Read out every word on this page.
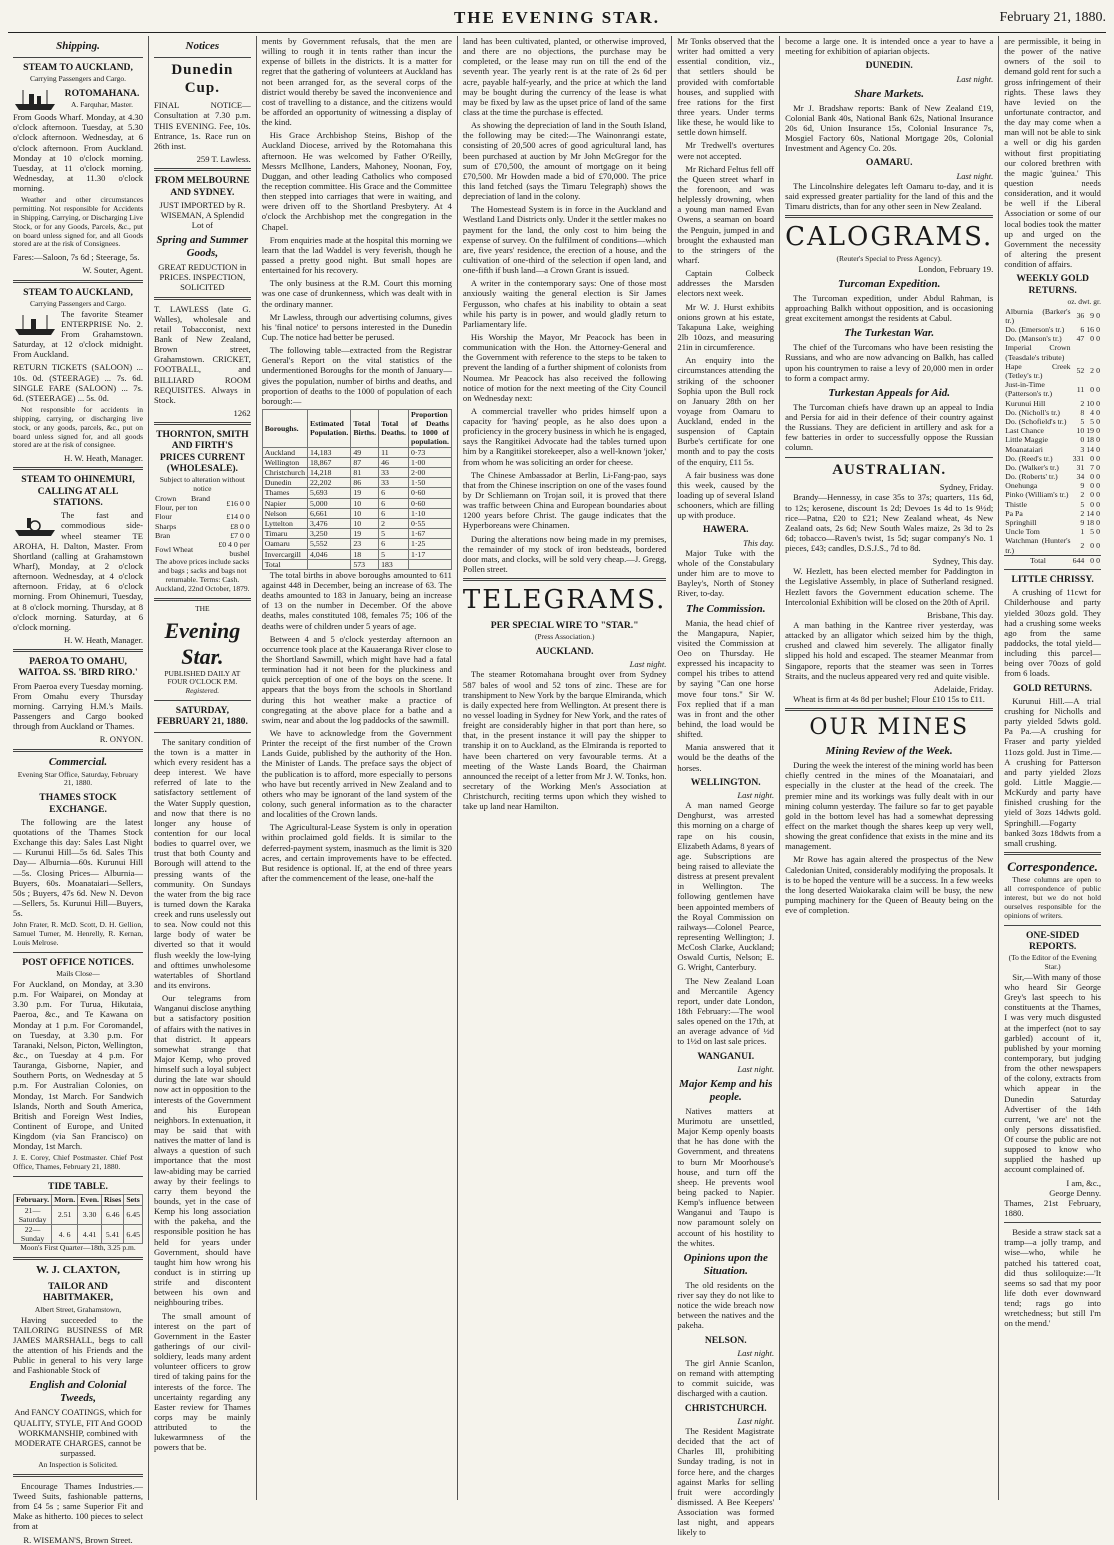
THE EVENING STAR.	February 21, 1880.
Shipping.
STEAM TO AUCKLAND,
Carrying Passengers and Cargo.
ROTOMAHANA.
A. Farquhar, Master.

From Goods Wharf. Monday, at 4.30 o'clock afternoon. Tuesday, at 5.30 o'clock afternoon. Wednesday, at 6 o'clock afternoon. From Auckland. Monday at 10 o'clock morning. Tuesday, at 11 o'clock morning. Wednesday, at 11.30 o'clock morning.

Weather and other circumstances permitting. Not responsible for Accidents in Shipping, Carrying, or Discharging Live Stock, or for any Goods, Parcels, &c., put on board unless signed for, and all Goods stored are at the risk of Consignees.

Fares:—Saloon, 7s 6d ; Steerage, 5s.

W. Souter, Agent.
STEAM TO AUCKLAND,
Carrying Passengers and Cargo.

The favorite Steamer ENTERPRISE No. 2. From Grahamstown. Saturday, at 12 o'clock midnight. From Auckland.

RETURN TICKETS (SALOON) ... 10s. 0d. (STEERAGE) ... 7s. 6d. SINGLE FARE (SALOON) ... 7s. 6d. (STEERAGE) ... 5s. 0d.

Not responsible for accidents in shipping, carrying, or discharging live stock, or any goods, parcels, &c., put on board unless signed for, and all goods stored are at the risk of consignee.

H. W. Heath, Manager.
STEAM TO OHINEMURI, CALLING AT ALL STATIONS.

The fast and commodious side-wheel steamer TE AROHA, H. Dalton, Master. From Shortland (calling at Grahamstown Wharf), Monday, at 2 o'clock afternoon. Wednesday, at 4 o'clock afternoon. Friday, at 6 o'clock morning. From Ohinemuri, Tuesday, at 8 o'clock morning. Thursday, at 8 o'clock morning. Saturday, at 6 o'clock morning.

H. W. Heath, Manager.
PAEROA TO OMAHU, WAITOA. SS. 'BIRD RIRO.'

From Paeroa every Tuesday morning. From Omahu every Thursday morning. Carrying H.M.'s Mails. Passengers and Cargo booked through from Auckland or Thames.

R. ONYON.
Commercial.
Evening Star Office, Saturday, February 21, 1880.
THAMES STOCK EXCHANGE.

The following are the latest quotations of the Thames Stock Exchange this day: Sales Last Night— Kurunui Hill—5s 6d. Sales This Day— Alburnia—60s. Kurunui Hill—5s. Closing Prices— Alburnia—Buyers, 60s. Moanataiari—Sellers, 50s ; Buyers, 47s 6d. New N. Devon—Sellers, 5s. Kurunui Hill—Buyers, 5s.

John Frater, R. McD. Scott, D. H. Gellion, Samuel Turner, M. Henrelly, R. Kernan, Louis Melrose.

POST OFFICE NOTICES.
Mails Close—

For Auckland, on Monday, at 3.30 p.m. For Waiparei, on Monday at 3.30 p.m. For Turua, Hikutaia, Paeroa, &c., and Te Kawana on Monday at 1 p.m. For Coromandel, on Tuesday, at 3.30 p.m. For Taranaki, Nelson, Picton, Wellington, &c., on Tuesday at 4 p.m. For Tauranga, Gisborne, Napier, and Southern Ports, on Wednesday at 5 p.m. For Australian Colonies, on Monday, 1st March. For Sandwich Islands, North and South America, British and Foreign West Indies, Continent of Europe, and United Kingdom (via San Francisco) on Monday, 1st March.

J. E. Corey, Chief Postmaster. Chief Post Office, Thames, February 21, 1880.

TIDE TABLE.
February.	Morn.	Even.	Rises	Sets
21—Saturday	2.51	3.30	6.46	6.45
22—Sunday	4. 6	4.41	5.41	6.45
Moon's First Quarter—18th, 3.25 p.m.
W. J. CLAXTON,
TAILOR AND HABITMAKER,
Albert Street, Grahamstown,

Having succeeded to the TAILORING BUSINESS of MR JAMES MARSHALL, begs to call the attention of his Friends and the Public in general to his very large and Fashionable Stock of

English and Colonial Tweeds,

And FANCY COATINGS, which for QUALITY, STYLE, FIT And GOOD WORKMANSHIP, combined with MODERATE CHARGES, cannot be surpassed.

An Inspection is Solicited.

Encourage Thames Industries.—Tweed Suits, fashionable patterns, from £4 5s ; same Superior Fit and Make as hitherto. 100 pieces to select from at

R. WISEMAN'S, Brown Street.
Notices
Dunedin Cup.

FINAL NOTICE—Consultation at 7.30 p.m. THIS EVENING. Fee, 10s. Entrance, 1s. Race run on 26th inst.

259 T. Lawless.
FROM MELBOURNE AND SYDNEY.

JUST IMPORTED by R. WISEMAN, A Splendid Lot of

Spring and Summer Goods,

GREAT REDUCTION in PRICES. INSPECTION, SOLICITED

T. LAWLESS (late G. Walles), wholesale and retail Tobacconist, next Bank of New Zealand, Brown street, Grahamstown. CRICKET, FOOTBALL, and BILLIARD ROOM REQUISITES. Always in Stock.

1262
THORNTON, SMITH AND FIRTH'S PRICES CURRENT (WHOLESALE).
Subject to alteration without notice
Crown Brand Flour, per ton	£16 0 0
Flour	£14 0 0
Sharps	£8 0 0
Bran	£7 0 0
Fowl Wheat	£0 4 0 per bushel

The above prices include sacks and bags ; sacks and bags not returnable. Terms: Cash. Auckland, 22nd October, 1879.

THE
Evening Star.
PUBLISHED DAILY AT FOUR O'CLOCK P.M.
Registered.
SATURDAY, FEBRUARY 21, 1880.

The sanitary condition of the town is a matter in which every resident has a deep interest. We have referred of late to the satisfactory settlement of the Water Supply question, and now that there is no longer any house of contention for our local bodies to quarrel over, we trust that both County and Borough will attend to the pressing wants of the community. On Sundays the water from the big race is turned down the Karaka creek and runs uselessly out to sea. Now could not this large body of water be diverted so that it would flush weekly the low-lying and ofttimes unwholesome watertables of Shortland and its environs.

Our telegrams from Wanganui disclose anything but a satisfactory position of affairs with the natives in that district. It appears somewhat strange that Major Kemp, who proved himself such a loyal subject during the late war should now act in opposition to the interests of the Government and his European neighbors. In extenuation, it may be said that with natives the matter of land is always a question of such importance that the most law-abiding may be carried away by their feelings to carry them beyond the bounds, yet in the case of Kemp his long association with the pakeha, and the responsible position he has held for years under Government, should have taught him how wrong his conduct is in stirring up strife and discontent between his own and neighbouring tribes.

The small amount of interest on the part of Government in the Easter gatherings of our civil-soldiery, leads many ardent volunteer officers to grow tired of taking pains for the interests of the force. The uncertainty regarding any Easter review for Thames corps may be mainly attributed to the lukewarmness of the powers that be.

ments by Government refusals, that the men are willing to rough it in tents rather than incur the expense of billets in the districts. It is a matter for regret that the gathering of volunteers at Auckland has not been arranged for, as the several corps of the district would thereby be saved the inconvenience and cost of travelling to a distance, and the citizens would be afforded an opportunity of witnessing a display of the kind.

His Grace Archbishop Steins, Bishop of the Auckland Diocese, arrived by the Rotomahana this afternoon. He was welcomed by Father O'Reilly, Messrs McIlhone, Landers, Mahoney, Noonan, Foy, Duggan, and other leading Catholics who composed the reception committee. His Grace and the Committee then stepped into carriages that were in waiting, and were driven off to the Shortland Presbytery. At 4 o'clock the Archbishop met the congregation in the Chapel.

From enquiries made at the hospital this morning we learn that the lad Waddel is very feverish, though he passed a pretty good night. But small hopes are entertained for his recovery.

The only business at the R.M. Court this morning was one case of drunkenness, which was dealt with in the ordinary manner.

Mr Lawless, through our advertising columns, gives his 'final notice' to persons interested in the Dunedin Cup. The notice had better be perused.

The following table—extracted from the Registrar General's Report on the vital statistics of the undermentioned Boroughs for the month of January—gives the population, number of births and deaths, and proportion of deaths to the 1000 of population of each borough:—

Boroughs.	Estimated Population.	Total Births.	Total Deaths.	Proportion of Deaths to 1000 of population.
Auckland	14,183	49	11	0·73
Wellington	18,867	87	46	1·00
Christchurch	14,218	81	33	2·00
Dunedin	22,202	86	33	1·50
Thames	5,693	19	6	0·60
Napier	5,000	10	6	0·60
Nelson	6,661	10	6	1·10
Lyttelton	3,476	10	2	0·55
Timaru	3,250	19	5	1·67
Oamaru	5,552	23	6	1·25
Invercargill	4,046	18	5	1·17
Total		573	183	

The total births in above boroughs amounted to 611 against 448 in December, being an increase of 63. The deaths amounted to 183 in January, being an increase of 13 on the number in December. Of the above deaths, males constituted 108, females 75; 106 of the deaths were of children under 5 years of age.

Between 4 and 5 o'clock yesterday afternoon an occurrence took place at the Kauaeranga River close to the Shortland Sawmill, which might have had a fatal termination had it not been for the pluckiness and quick perception of one of the boys on the scene. It appears that the boys from the schools in Shortland during this hot weather make a practice of congregating at the above place for a bathe and a swim, near and about the log paddocks of the sawmill.

We have to acknowledge from the Government Printer the receipt of the first number of the Crown Lands Guide, published by the authority of the Hon. the Minister of Lands. The preface says the object of the publication is to afford, more especially to persons who have but recently arrived in New Zealand and to others who may be ignorant of the land system of the colony, such general information as to the character and localities of the Crown lands.

The Agricultural-Lease System is only in operation within proclaimed gold fields. It is similar to the deferred-payment system, inasmuch as the limit is 320 acres, and certain improvements have to be effected. But residence is optional. If, at the end of three years after the commencement of the lease, one-half the

land has been cultivated, planted, or otherwise improved, and there are no objections, the purchase may be completed, or the lease may run on till the end of the seventh year. The yearly rent is at the rate of 2s 6d per acre, payable half-yearly, and the price at which the land may be bought during the currency of the lease is what may be fixed by law as the upset price of land of the same class at the time the purchase is effected.

As showing the depreciation of land in the South Island, the following may be cited:—The Wainonrangi estate, consisting of 20,500 acres of good agricultural land, has been purchased at auction by Mr John McGregor for the sum of £70,500, the amount of mortgage on it being £70,500. Mr Howden made a bid of £70,000. The price this land fetched (says the Timaru Telegraph) shows the depreciation of land in the colony.

The Homestead System is in force in the Auckland and Westland Land Districts only. Under it the settler makes no payment for the land, the only cost to him being the expense of survey. On the fulfilment of conditions—which are, five years' residence, the erection of a house, and the cultivation of one-third of the selection if open land, and one-fifth if bush land—a Crown Grant is issued.

A writer in the contemporary says: One of those most anxiously waiting the general election is Sir James Fergusson, who chafes at his inability to obtain a seat while his party is in power, and would gladly return to Parliamentary life.

His Worship the Mayor, Mr Peacock has been in communication with the Hon. the Attorney-General and the Government with reference to the steps to be taken to prevent the landing of a further shipment of colonists from Noumea. Mr Peacock has also received the following notice of motion for the next meeting of the City Council on Wednesday next:

A commercial traveller who prides himself upon a capacity for 'having' people, as he also does upon a proficiency in the grocery business in which he is engaged, says the Rangitikei Advocate had the tables turned upon him by a Rangitikei storekeeper, also a well-known 'joker,' from whom he was soliciting an order for cheese.

The Chinese Ambassador at Berlin, Li-Fang-pao, says that from the Chinese inscription on one of the vases found by Dr Schliemann on Trojan soil, it is proved that there was traffic between China and European boundaries about 1200 years before Christ. The gauge indicates that the Hyperboreans were Chinamen.

During the alterations now being made in my premises, the remainder of my stock of iron bedsteads, bordered door mats, and clocks, will be sold very cheap.—J. Gregg, Pollen street.

TELEGRAMS.
PER SPECIAL WIRE TO "STAR."
(Press Association.)
AUCKLAND.
Last night.

The steamer Rotomahana brought over from Sydney 587 bales of wool and 52 tons of zinc. These are for transhipment to New York by the barque Elmiranda, which is daily expected here from Wellington. At present there is no vessel loading in Sydney for New York, and the rates of freight are considerably higher in that port than here, so that, in the present instance it will pay the shipper to tranship it on to Auckland, as the Elmiranda is reported to have been chartered on very favourable terms. At a meeting of the Waste Lands Board, the Chairman announced the receipt of a letter from Mr J. W. Tonks, hon. secretary of the Working Men's Association at Christchurch, reciting terms upon which they wished to take up land near Hamilton.

Mr Tonks observed that the writer had omitted a very essential condition, viz., that settlers should be provided with comfortable houses, and supplied with free rations for the first three years. Under terms like these, he would like to settle down himself.

Mr Tredwell's overtures were not accepted.

Mr Richard Feltus fell off the Queen street wharf in the forenoon, and was helplessly drowning, when a young man named Evan Owens, a seaman on board the Penguin, jumped in and brought the exhausted man to the stringers of the wharf.

Captain Colbeck addresses the Marsden electors next week.

Mr W. J. Hurst exhibits onions grown at his estate, Takapuna Lake, weighing 2lb 10ozs, and measuring 21in in circumference.

An enquiry into the circumstances attending the striking of the schooner Sophia upon the Bull rock on January 28th on her voyage from Oamaru to Auckland, ended in the suspension of Captain Burbe's certificate for one month and to pay the costs of the enquiry, £11 5s.

A fair business was done this week, caused by the loading up of several Island schooners, which are filling up with produce.

HAWERA.
This day.

Major Tuke with the whole of the Constabulary under him are to move to Bayley's, North of Stoney River, to-day.

The Commission.

Mania, the head chief of the Mangapura, Napier, visited the Commission at Oeo on Thursday. He expressed his incapacity to compel his tribes to attend by saying "Can one horse move four tons." Sir W. Fox replied that if a man was in front and the other behind, the load would be shifted.

Mania answered that it would be the deaths of the horses.

WELLINGTON.
Last night.

A man named George Denghurst, was arrested this morning on a charge of rape on his cousin, Elizabeth Adams, 8 years of age. Subscriptions are being raised to alleviate the distress at present prevalent in Wellington. The following gentlemen have been appointed members of the Royal Commission on railways—Colonel Pearce, representing Wellington; J. McCosh Clarke, Auckland; Oswald Curtis, Nelson; E. G. Wright, Canterbury.

The New Zealand Loan and Mercantile Agency report, under date London, 18th February:—The wool sales opened on the 17th, at an average advance of ½d to 1½d on last sale prices.

WANGANUI.
Last night.
Major Kemp and his people.

Natives matters at Murimotu are unsettled, Major Kemp openly boasts that he has done with the Government, and threatens to burn Mr Moorhouse's house, and turn off the sheep. He prevents wool being packed to Napier. Kemp's influence between Wanganui and Taupo is now paramount solely on account of his hostility to the whites.

Opinions upon the Situation.

The old residents on the river say they do not like to notice the wide breach now between the natives and the pakeha.

NELSON.
Last night.

The girl Annie Scanlon, on remand with attempting to commit suicide, was discharged with a caution.

CHRISTCHURCH.
Last night.

The Resident Magistrate decided that the act of Charles Ill, prohibiting Sunday trading, is not in force here, and the charges against Marks for selling fruit were accordingly dismissed. A Bee Keepers' Association was formed last night, and appears likely to

become a large one. It is intended once a year to have a meeting for exhibition of apiarian objects.

DUNEDIN.
Last night.
Share Markets.

Mr J. Bradshaw reports: Bank of New Zealand £19, Colonial Bank 40s, National Bank 62s, National Insurance 20s 6d, Union Insurance 15s, Colonial Insurance 7s, Mosgiel Factory 60s, National Mortgage 20s, Colonial Investment and Agency Co. 20s.

OAMARU.
Last night.

The Lincolnshire delegates left Oamaru to-day, and it is said expressed greater partiality for the land of this and the Timaru districts, than for any other seen in New Zealand.

CALOGRAMS.
(Reuter's Special to Press Agency).
London, February 19.
Turcoman Expedition.

The Turcoman expedition, under Abdul Rahman, is approaching Balkh without opposition, and is occasioning great excitement amongst the residents at Cabul.

The Turkestan War.

The chief of the Turcomans who have been resisting the Russians, and who are now advancing on Balkh, has called upon his countrymen to raise a levy of 20,000 men in order to form a compact army.

Turkestan Appeals for Aid.

The Turcoman chiefs have drawn up an appeal to India and Persia for aid in their defence of their country against the Russians. They are deficient in artillery and ask for a few batteries in order to successfully oppose the Russian column.

AUSTRALIAN.
Sydney, Friday.

Brandy—Hennessy, in case 35s to 37s; quarters, 11s 6d, to 12s; kerosene, discount 1s 2d; Devoes 1s 4d to 1s 9½d; rice—Patna, £20 to £21; New Zealand wheat, 4s New Zealand oats, 2s 6d; New South Wales maize, 2s 3d to 2s 6d; tobacco—Raven's twist, 1s 5d; sugar company's No. 1 pieces, £43; candles, D.S.J.S., 7d to 8d.

Sydney, This day.

W. Hezlett, has been elected member for Paddington in the Legislative Assembly, in place of Sutherland resigned. Hezlett favors the Government education scheme. The Intercolonial Exhibition will be closed on the 20th of April.

Brisbane, This day.

A man bathing in the Kantree river yesterday, was attacked by an alligator which seized him by the thigh, crushed and clawed him severely. The alligator finally slipped his hold and escaped. The steamer Meanmar from Singapore, reports that the steamer was seen in Torres Straits, and the nucleus appeared very red and quite visible.

Adelaide, Friday.

Wheat is firm at 4s 8d per bushel; Flour £10 15s to £11.

OUR MINES
Mining Review of the Week.

During the week the interest of the mining world has been chiefly centred in the mines of the Moanataiari, and especially in the cluster at the head of the creek. The premier mine and its workings was fully dealt with in our mining column yesterday. The failure so far to get payable gold in the bottom level has had a somewhat depressing effect on the market though the shares keep up very well, showing the great confidence that exists in the mine and its management.

Mr Rowe has again altered the prospectus of the New Caledonian United, considerably modifying the proposals. It is to be hoped the venture will be a success. In a few weeks the long deserted Waiokaraka claim will be busy, the new pumping machinery for the Queen of Beauty being on the eve of completion.

are permissible, it being in the power of the native owners of the soil to demand gold rent for such a gross infringement of their rights. These laws they have levied on the unfortunate contractor, and the day may come when a man will not be able to sink a well or dig his garden without first propitiating our colored brethren with the magic 'guinea.' This question needs consideration, and it would be well if the Liberal Association or some of our local bodies took the matter up and urged on the Government the necessity of altering the present condition of affairs.

WEEKLY GOLD RETURNS.
oz. dwt. gr.
Alburnia (Barker's tr.)	36	9	0
Do. (Emerson's tr.)	6	16	0
Do. (Manson's tr.)	47	0	0
Imperial Crown (Teasdale's tribute)			
Hape Creek (Tetley's tr.)	52	2	0
Just-in-Time (Patterson's tr.)	11	0	0
Kurunui Hill	2	10	0
Do. (Nicholl's tr.)	8	4	0
Do. (Schofield's tr.)	5	5	0
Last Chance	10	19	0
Little Maggie	0	18	0
Moanataiari	3	14	0
Do. (Reed's tr.)	331	0	0
Do. (Walker's tr.)	31	7	0
Do. (Roberts' tr.)	34	0	0
Onehunga	9	0	0
Pinko (William's tr.)	2	0	0
Thistle	5	0	0
Pa Pa	2	14	0
Springhill	9	18	0
Uncle Tom	1	5	0
Watchman (Hunter's tr.)	2	0	0
Total	644	0	0
LITTLE CHRISSY.

A crushing of 11cwt for Childerhouse and party yielded 30ozs gold. They had a crushing some weeks ago from the same paddocks, the total yield—including this parcel—being over 70ozs of gold from 6 loads.

GOLD RETURNS.

Kurunui Hill.—A trial crushing for Nicholls and party yielded 5dwts gold. Pa Pa.—A crushing for Fraser and party yielded 11ozs gold. Just in Time.—A crushing for Patterson and party yielded 2lozs gold. Little Maggie.—McKurdy and party have finished crushing for the yield of 3ozs 14dwts gold. Springhill.—Fogarty banked 3ozs 18dwts from a small crushing.

Correspondence.

These columns are open to all correspondence of public interest, but we do not hold ourselves responsible for the opinions of writers.

ONE-SIDED REPORTS.
(To the Editor of the Evening Star.)

Sir,—With many of those who heard Sir George Grey's last speech to his constituents at the Thames, I was very much disgusted at the imperfect (not to say garbled) account of it, published by your morning contemporary, but judging from the other newspapers of the colony, extracts from which appear in the Dunedin Saturday Advertiser of the 14th current, 'we are' not the only persons dissatisfied. Of course the public are not supposed to know who supplied the hashed up account complained of.

I am, &c.,
George Denny.
Thames, 21st February, 1880.

Beside a straw stack sat a tramp—a jolly tramp, and wise—who, while he patched his tattered coat, did thus soliloquize:—'It seems so sad that my poor life doth ever downward tend; rags go into wretchedness; but still I'm on the mend.'
